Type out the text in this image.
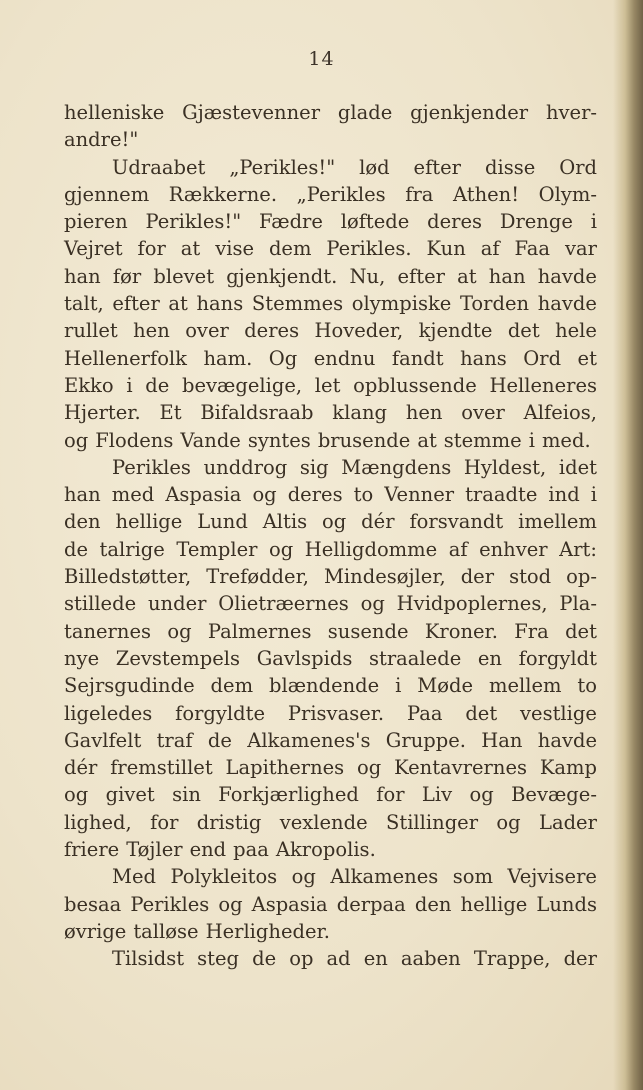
14
helleniske Gjæstevenner glade gjenkjender hver-
andre!"
Udraabet „Perikles!" lød efter disse Ord
gjennem Rækkerne. „Perikles fra Athen! Olym-
pieren Perikles!" Fædre løftede deres Drenge i
Vejret for at vise dem Perikles. Kun af Faa var
han før blevet gjenkjendt. Nu, efter at han havde
talt, efter at hans Stemmes olympiske Torden havde
rullet hen over deres Hoveder, kjendte det hele
Hellenerfolk ham. Og endnu fandt hans Ord et
Ekko i de bevægelige, let opblussende Helleneres
Hjerter. Et Bifaldsraab klang hen over Alfeios,
og Flodens Vande syntes brusende at stemme i med.
Perikles unddrog sig Mængdens Hyldest, idet
han med Aspasia og deres to Venner traadte ind i
den hellige Lund Altis og dér forsvandt imellem
de talrige Templer og Helligdomme af enhver Art:
Billedstøtter, Trefødder, Mindesøjler, der stod op-
stillede under Olietræernes og Hvidpoplernes, Pla-
tanernes og Palmernes susende Kroner. Fra det
nye Zevstempels Gavlspids straalede en forgyldt
Sejrsgudinde dem blændende i Møde mellem to
ligeledes forgyldte Prisvaser. Paa det vestlige
Gavlfelt traf de Alkamenes's Gruppe. Han havde
dér fremstillet Lapithernes og Kentavrernes Kamp
og givet sin Forkjærlighed for Liv og Bevæge-
lighed, for dristig vexlende Stillinger og Lader
friere Tøjler end paa Akropolis.
Med Polykleitos og Alkamenes som Vejvisere
besaa Perikles og Aspasia derpaa den hellige Lunds
øvrige talløse Herligheder.
Tilsidst steg de op ad en aaben Trappe, der
